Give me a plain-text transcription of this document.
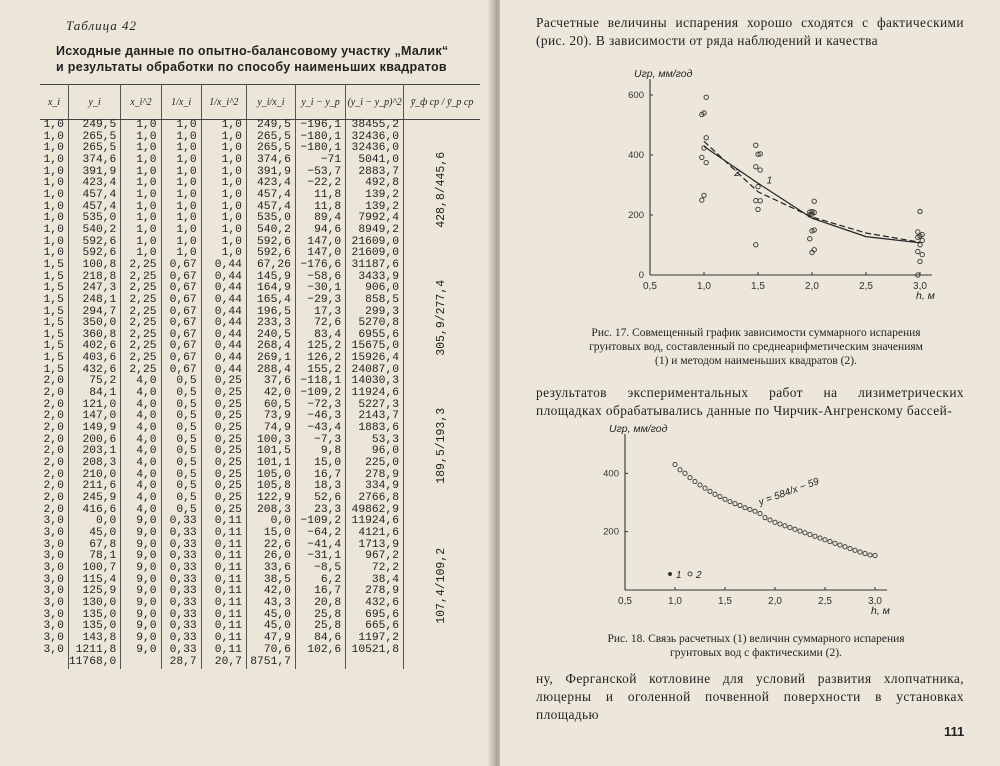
Таблица 42
Исходные данные по опытно-балансовому участку „Малик“
и результаты обработки по способу наименьших квадратов
x_i	y_i	x_i^2	1/x_i	1/x_i^2	y_i/x_i	y_i − y_p	(y_i − y_p)^2	ȳ_ф ср / ȳ_р ср
1,0	249,5	1,0	1,0	1,0	249,5	−196,1	38455,2	428,8/445,6
1,0	265,5	1,0	1,0	1,0	265,5	−180,1	32436,0	
1,0	265,5	1,0	1,0	1,0	265,5	−180,1	32436,0	
1,0	374,6	1,0	1,0	1,0	374,6	−71	5041,0	
1,0	391,9	1,0	1,0	1,0	391,9	−53,7	2883,7	
1,0	423,4	1,0	1,0	1,0	423,4	−22,2	492,8	
1,0	457,4	1,0	1,0	1,0	457,4	11,8	139,2	
1,0	457,4	1,0	1,0	1,0	457,4	11,8	139,2	
1,0	535,0	1,0	1,0	1,0	535,0	89,4	7992,4	
1,0	540,2	1,0	1,0	1,0	540,2	94,6	8949,2	
1,0	592,6	1,0	1,0	1,0	592,6	147,0	21609,0	
1,0	592,6	1,0	1,0	1,0	592,6	147,0	21609,0	
1,5	100,8	2,25	0,67	0,44	67,26	−176,6	31187,6	305,9/277,4
1,5	218,8	2,25	0,67	0,44	145,9	−58,6	3433,9	
1,5	247,3	2,25	0,67	0,44	164,9	−30,1	906,0	
1,5	248,1	2,25	0,67	0,44	165,4	−29,3	858,5	
1,5	294,7	2,25	0,67	0,44	196,5	17,3	299,3	
1,5	350,0	2,25	0,67	0,44	233,3	72,6	5270,8	
1,5	360,8	2,25	0,67	0,44	240,5	83,4	6955,6	
1,5	402,6	2,25	0,67	0,44	268,4	125,2	15675,0	
1,5	403,6	2,25	0,67	0,44	269,1	126,2	15926,4	
1,5	432,6	2,25	0,67	0,44	288,4	155,2	24087,0	
2,0	75,2	4,0	0,5	0,25	37,6	−118,1	14030,3	189,5/193,3
2,0	84,1	4,0	0,5	0,25	42,0	−109,2	11924,6	
2,0	121,0	4,0	0,5	0,25	60,5	−72,3	5227,3	
2,0	147,0	4,0	0,5	0,25	73,9	−46,3	2143,7	
2,0	149,9	4,0	0,5	0,25	74,9	−43,4	1883,6	
2,0	200,6	4,0	0,5	0,25	100,3	−7,3	53,3	
2,0	203,1	4,0	0,5	0,25	101,5	9,8	96,0	
2,0	208,3	4,0	0,5	0,25	101,1	15,0	225,0	
2,0	210,0	4,0	0,5	0,25	105,0	16,7	278,9	
2,0	211,6	4,0	0,5	0,25	105,8	18,3	334,9	
2,0	245,9	4,0	0,5	0,25	122,9	52,6	2766,8	
2,0	416,6	4,0	0,5	0,25	208,3	23,3	49862,9	
3,0	0,0	9,0	0,33	0,11	0,0	−109,2	11924,6	107,4/109,2
3,0	45,0	9,0	0,33	0,11	15,0	−64,2	4121,6	
3,0	67,8	9,0	0,33	0,11	22,6	−41,4	1713,9	
3,0	78,1	9,0	0,33	0,11	26,0	−31,1	967,2	
3,0	100,7	9,0	0,33	0,11	33,6	−8,5	72,2	
3,0	115,4	9,0	0,33	0,11	38,5	6,2	38,4	
3,0	125,9	9,0	0,33	0,11	42,0	16,7	278,9	
3,0	130,0	9,0	0,33	0,11	43,3	20,8	432,6	
3,0	135,0	9,0	0,33	0,11	45,0	25,8	695,6	
3,0	135,0	9,0	0,33	0,11	45,0	25,8	665,6	
3,0	143,8	9,0	0,33	0,11	47,9	84,6	1197,2	
3,0	1211,8	9,0	0,33	0,11	70,6	102,6	10521,8	
	11768,0		28,7	20,7	8751,7			
Расчетные величины испарения хорошо сходятся с фактическими (рис. 20). В зависимости от ряда наблюдений и качества
0,5	1,0	1,5	2,0	2,5	3,0
0
200
400
600
Uгр, мм/год
h, м
2
1
Рис. 17. Совмещенный график зависимости суммарного испарения грунтовых вод, составленный по среднеарифметическим значениям (1) и методом наименьших квадратов (2).
результатов экспериментальных работ на лизиметрических площадках обрабатывались данные по Чирчик-Ангренскому бассей-
0,5	1,0	1,5	2,0	2,5	3,0
200
400
Uгр, мм/год
h, м
y = 584/x − 59
1 2
Рис. 18. Связь расчетных (1) величин суммарного испарения грунтовых вод с фактическими (2).
ну, Ферганской котловине для условий развития хлопчатника, люцерны и оголенной почвенной поверхности в установках площадью
111
